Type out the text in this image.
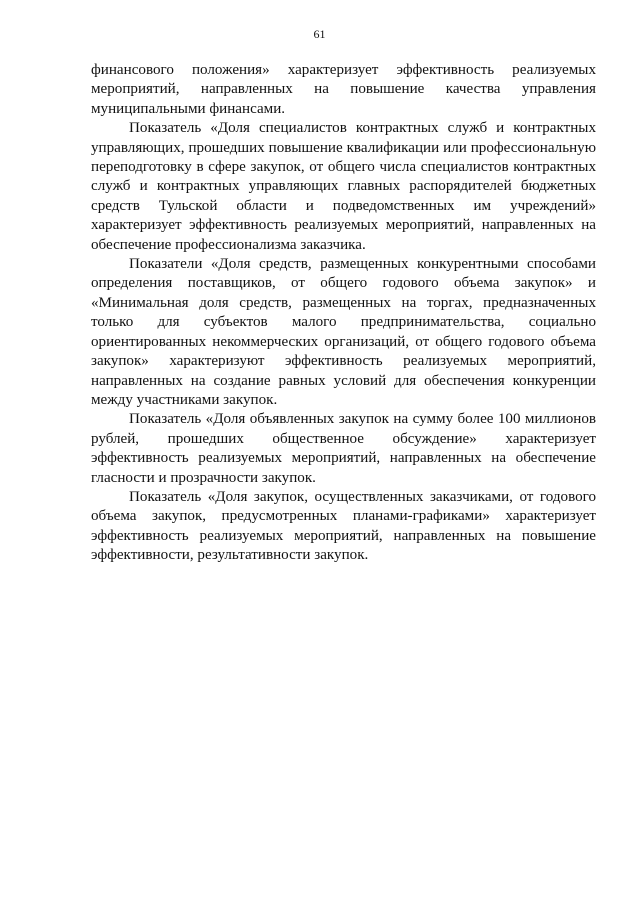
61

финансового положения» характеризует эффективность реализуемых мероприятий, направленных на повышение качества управления муниципальными финансами.

Показатель «Доля специалистов контрактных служб и контрактных управляющих, прошедших повышение квалификации или профессиональную переподготовку в сфере закупок, от общего числа специалистов контрактных служб и контрактных управляющих главных распорядителей бюджетных средств Тульской области и подведомственных им учреждений» характеризует эффективность реализуемых мероприятий, направленных на обеспечение профессионализма заказчика.

Показатели «Доля средств, размещенных конкурентными способами определения поставщиков, от общего годового объема закупок» и «Минимальная доля средств, размещенных на торгах, предназначенных только для субъектов малого предпринимательства, социально ориентированных некоммерческих организаций, от общего годового объема закупок» характеризуют эффективность реализуемых мероприятий, направленных на создание равных условий для обеспечения конкуренции между участниками закупок.

Показатель «Доля объявленных закупок на сумму более 100 миллионов рублей, прошедших общественное обсуждение» характеризует эффективность реализуемых мероприятий, направленных на обеспечение гласности и прозрачности закупок.

Показатель «Доля закупок, осуществленных заказчиками, от годового объема закупок, предусмотренных планами-графиками» характеризует эффективность реализуемых мероприятий, направленных на повышение эффективности, результативности закупок.
